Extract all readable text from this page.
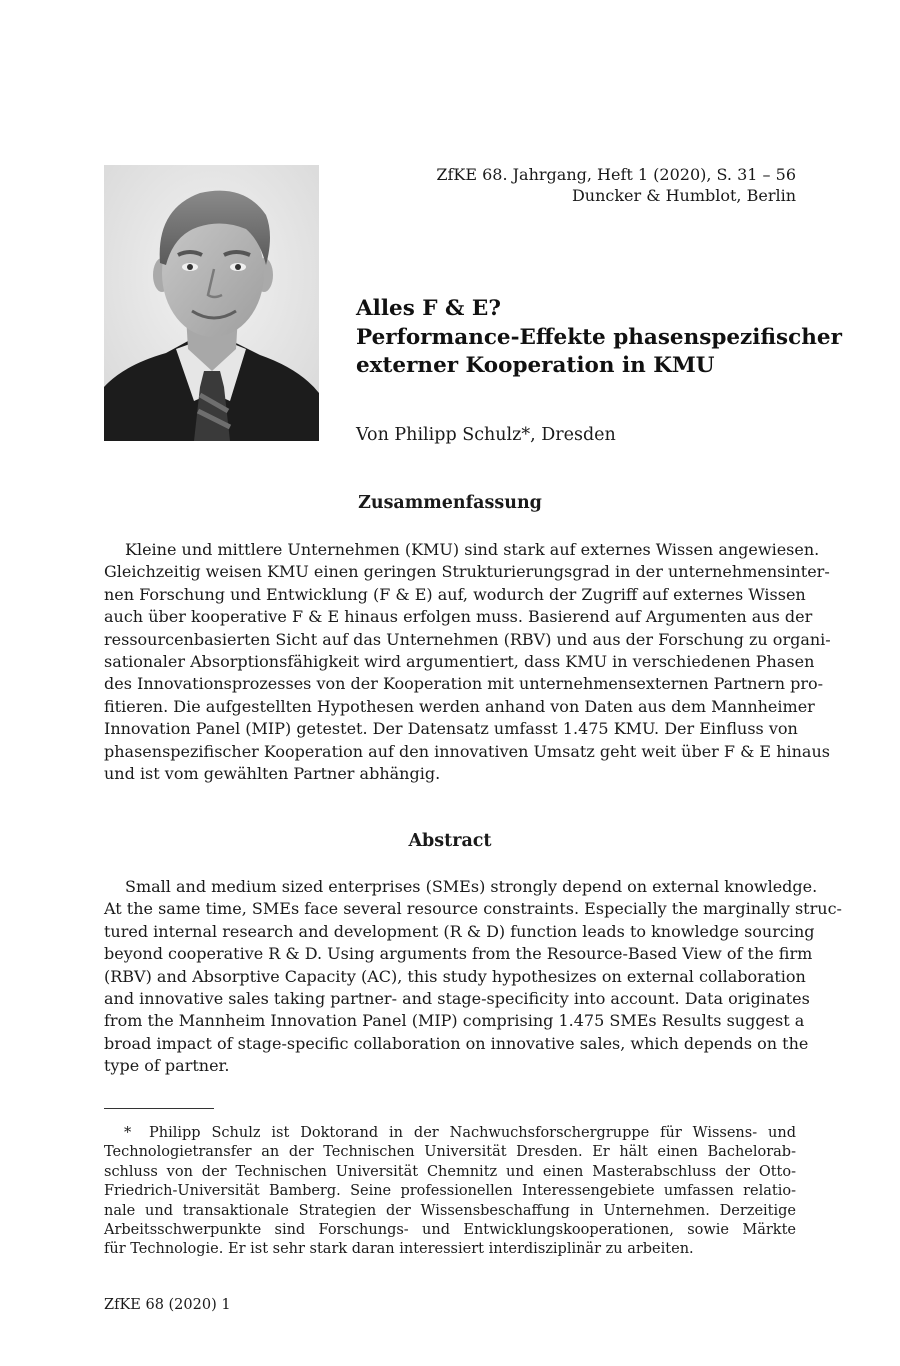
ZfKE 68. Jahrgang, Heft 1 (2020), S. 31 – 56
Duncker & Humblot, Berlin
Alles F & E?
Performance-Effekte phasenspezifischer
externer Kooperation in KMU
Von Philipp Schulz*, Dresden
Zusammenfassung
Kleine und mittlere Unternehmen (KMU) sind stark auf externes Wissen angewiesen.
Gleichzeitig weisen KMU einen geringen Strukturierungsgrad in der unternehmensinter-
nen Forschung und Entwicklung (F & E) auf, wodurch der Zugriff auf externes Wissen
auch über kooperative F & E hinaus erfolgen muss. Basierend auf Argumenten aus der
ressourcenbasierten Sicht auf das Unternehmen (RBV) und aus der Forschung zu organi-
sationaler Absorptionsfähigkeit wird argumentiert, dass KMU in verschiedenen Phasen
des Innovationsprozesses von der Kooperation mit unternehmensexternen Partnern pro-
fitieren. Die aufgestellten Hypothesen werden anhand von Daten aus dem Mannheimer
Innovation Panel (MIP) getestet. Der Datensatz umfasst 1.475 KMU. Der Einfluss von
phasenspezifischer Kooperation auf den innovativen Umsatz geht weit über F & E hinaus
und ist vom gewählten Partner abhängig.
Abstract
Small and medium sized enterprises (SMEs) strongly depend on external knowledge.
At the same time, SMEs face several resource constraints. Especially the marginally struc-
tured internal research and development (R & D) function leads to knowledge sourcing
beyond cooperative R & D. Using arguments from the Resource-Based View of the firm
(RBV) and Absorptive Capacity (AC), this study hypothesizes on external collaboration
and innovative sales taking partner- and stage-specificity into account. Data originates
from the Mannheim Innovation Panel (MIP) comprising 1.475 SMEs Results suggest a
broad impact of stage-specific collaboration on innovative sales, which depends on the
type of partner.
* Philipp Schulz ist Doktorand in der Nachwuchsforschergruppe für Wissens- und
Technologietransfer an der Technischen Universität Dresden. Er hält einen Bachelorab-
schluss von der Technischen Universität Chemnitz und einen Masterabschluss der Otto-
Friedrich-Universität Bamberg. Seine professionellen Interessengebiete umfassen relatio-
nale und transaktionale Strategien der Wissensbeschaffung in Unternehmen. Derzeitige
Arbeitsschwerpunkte sind Forschungs- und Entwicklungskooperationen, sowie Märkte
für Technologie. Er ist sehr stark daran interessiert interdisziplinär zu arbeiten.
ZfKE 68 (2020) 1
